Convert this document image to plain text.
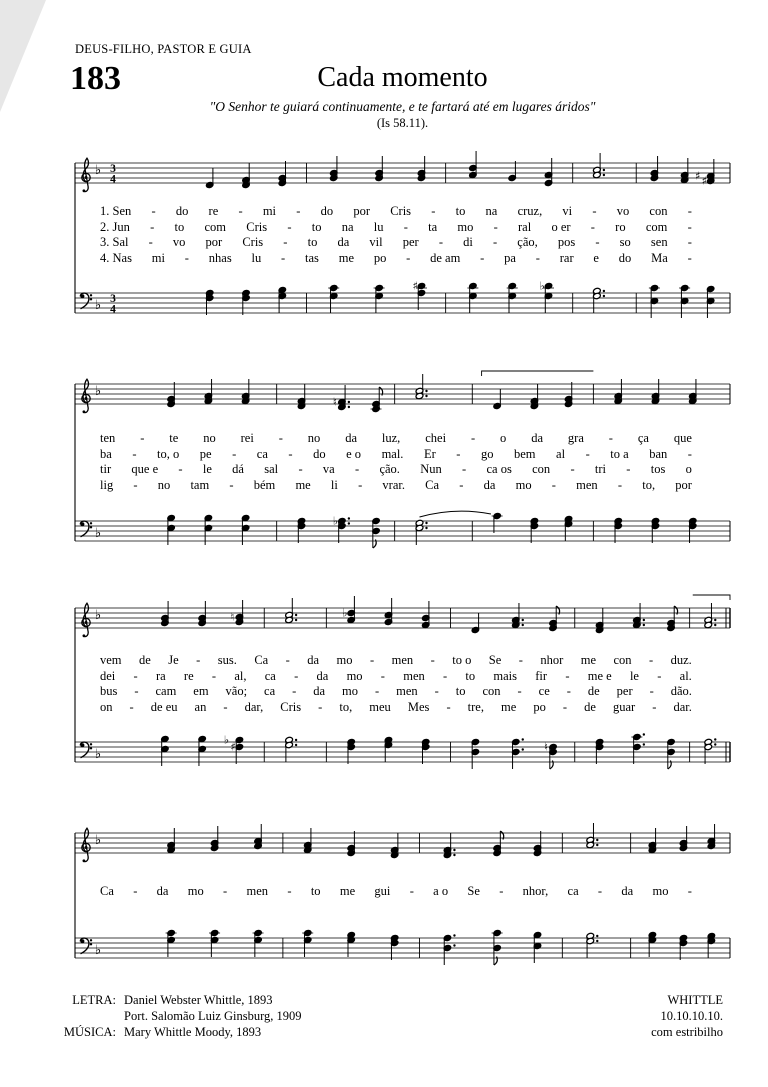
DEUS-FILHO, PASTOR E GUIA
183	Cada momento
"O Senhor te guiará continuamente, e te fartará até em lugares áridos"
(Is 58.11).
LETRA: Daniel Webster Whittle, 1893
Port. Salomão Luiz Ginsburg, 1909
MÚSICA: Mary Whittle Moody, 1893
WHITTLE
10.10.10.10.
com estribilho
♭ 3
4	♯ ♯
♭ 3
4
♯	♭
1. Sen - do re - mi - do por Cris - to na cruz, vi - vo con -
2. Jun - to com Cris - to na lu - ta mo - ral o er - ro com -
3. Sal - vo por Cris - to da vil per - di - ção, pos - so sen -
4. Nas mi - nhas lu - tas me po - de am - pa - rar e do Ma -
♭
♮
♭
♭
ten - te no rei - no da luz, chei - o da gra - ça que
ba - to, o pe - ca - do e o mal. Er - go bem al - to a ban -
tir que e - le dá sal - va - ção. Nun - ca os con - tri - tos o
lig - no tam - bém me li - vrar. Ca - da mo - men - to, por
♭	♮	♭
♭
♭
♯	♮
vem de Je - sus. Ca - da mo - men - to o Se - nhor me con - duz.
dei - ra re - al, ca - da mo - men - to mais fir - me e le - al.
bus - cam em vão; ca - da mo - men - to con - ce - de per - dão.
on - de eu an - dar, Cris - to, meu Mes - tre, me po - de guar - dar.
♭
♭
Ca - da mo - men - to me gui - a o Se - nhor, ca - da mo -
